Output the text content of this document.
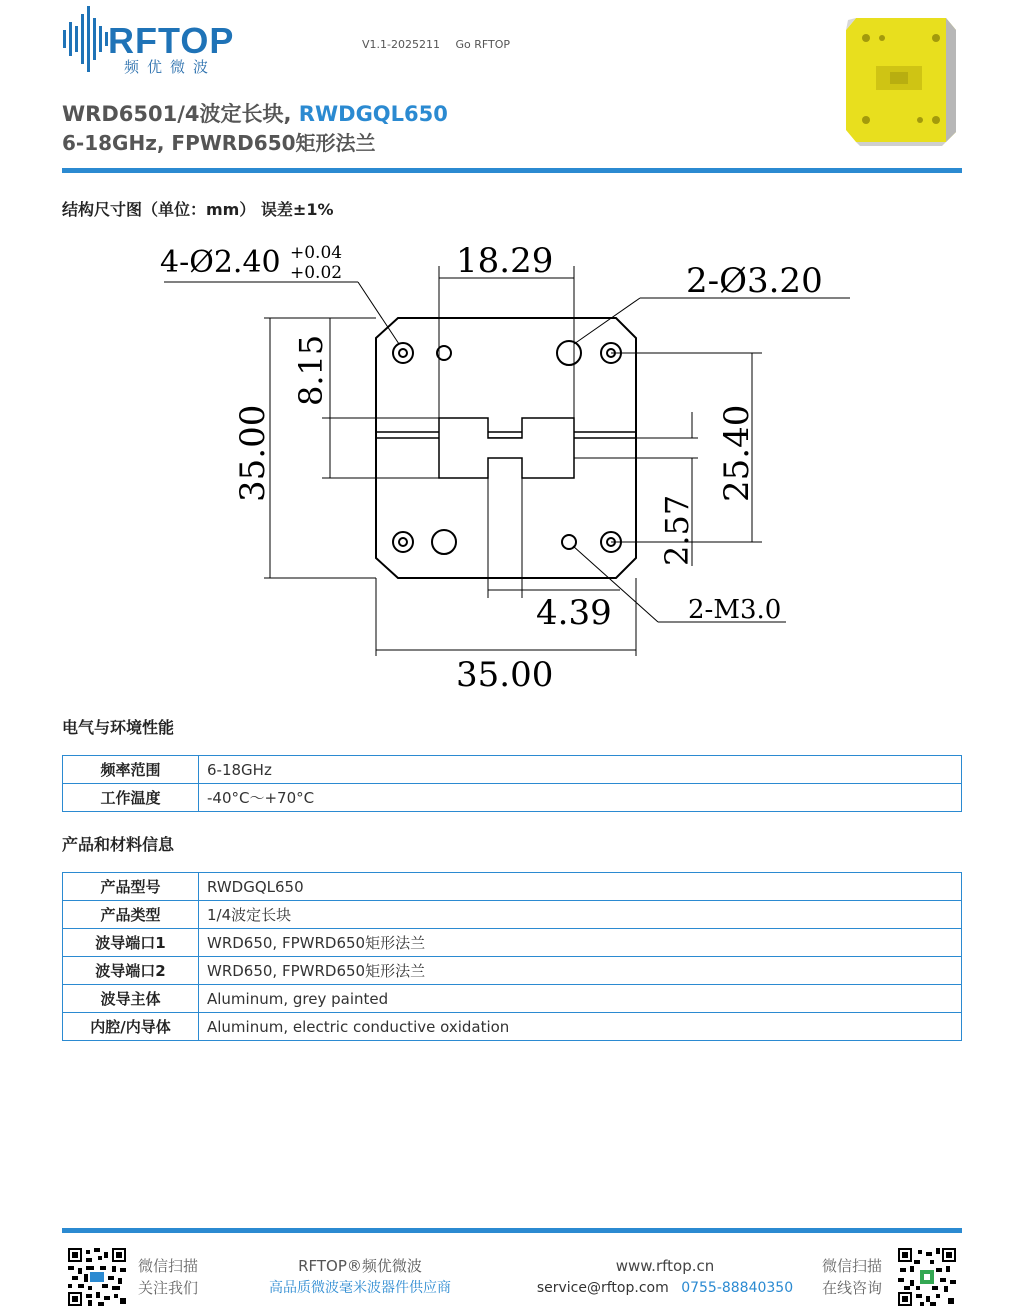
RFTOP
频优微波
V1.1-2025211 Go RFTOP
WRD6501/4波定长块, RWDGQL650
6-18GHz, FPWRD650矩形法兰
结构尺寸图（单位：mm） 误差±1%
4-Ø2.40 +0.04
+0.02	18.29	2-Ø3.20
35.00
8.15
25.40
2.57
4.39	2-M3.0
35.00
电气与环境性能
频率范围	6-18GHz
工作温度	-40°C～+70°C
产品和材料信息
产品型号	RWDGQL650
产品类型	1/4波定长块
波导端口1	WRD650, FPWRD650矩形法兰
波导端口2	WRD650, FPWRD650矩形法兰
波导主体	Aluminum, grey painted
内腔/内导体	Aluminum, electric conductive oxidation
微信扫描
关注我们
RFTOP®频优微波
高品质微波毫米波器件供应商
www.rftop.cn
service@rftop.com 0755-88840350
微信扫描
在线咨询
